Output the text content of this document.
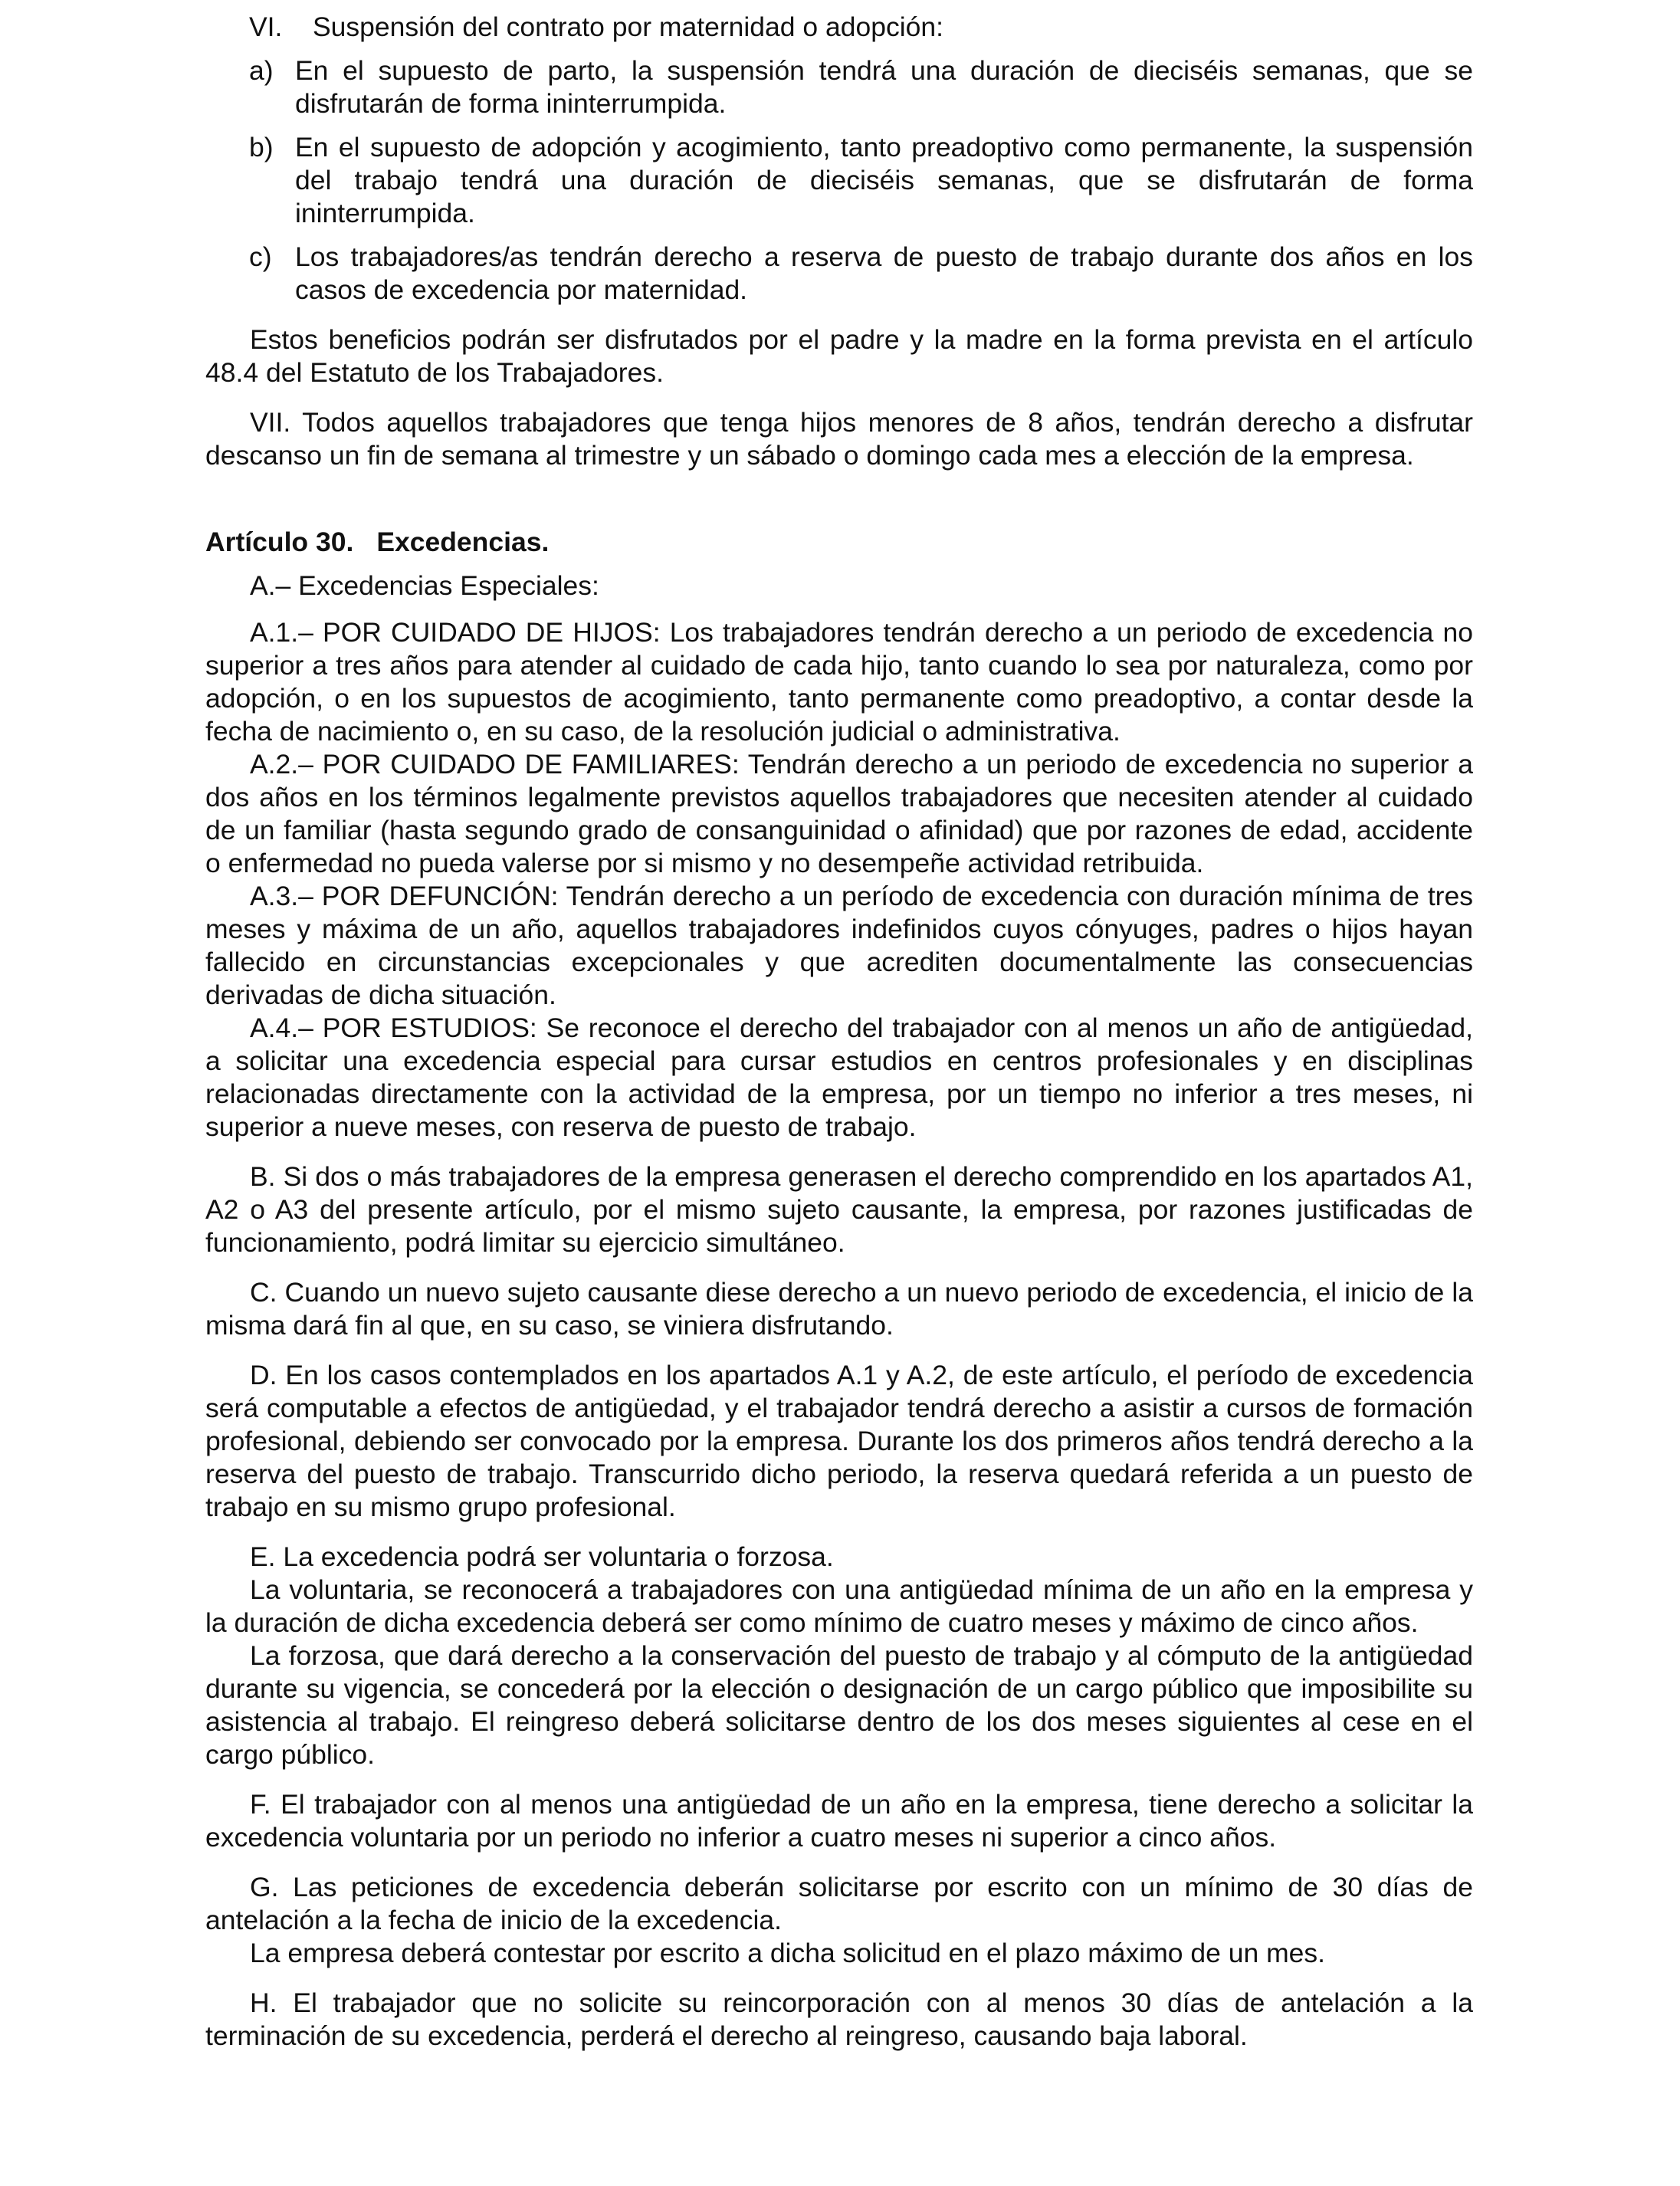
VI.	Suspensión del contrato por maternidad o adopción:
a) En el supuesto de parto, la suspensión tendrá una duración de dieciséis semanas, que se disfrutarán de forma ininterrumpida.
b) En el supuesto de adopción y acogimiento, tanto preadoptivo como permanente, la suspensión del trabajo tendrá una duración de dieciséis semanas, que se disfrutarán de forma ininterrumpida.
c) Los trabajadores/as tendrán derecho a reserva de puesto de trabajo durante dos años en los casos de excedencia por maternidad.

Estos beneficios podrán ser disfrutados por el padre y la madre en la forma prevista en el artículo 48.4 del Estatuto de los Trabajadores.

VII. Todos aquellos trabajadores que tenga hijos menores de 8 años, tendrán derecho a disfrutar descanso un fin de semana al trimestre y un sábado o domingo cada mes a elección de la empresa.

Artículo 30. Excedencias.

A.– Excedencias Especiales:

A.1.– POR CUIDADO DE HIJOS: Los trabajadores tendrán derecho a un periodo de excedencia no superior a tres años para atender al cuidado de cada hijo, tanto cuando lo sea por naturaleza, como por adopción, o en los supuestos de acogimiento, tanto permanente como preadoptivo, a contar desde la fecha de nacimiento o, en su caso, de la resolución judicial o administrativa.

A.2.– POR CUIDADO DE FAMILIARES: Tendrán derecho a un periodo de excedencia no superior a dos años en los términos legalmente previstos aquellos trabajadores que necesiten atender al cuidado de un familiar (hasta segundo grado de consanguinidad o afinidad) que por razones de edad, accidente o enfermedad no pueda valerse por si mismo y no desempeñe actividad retribuida.

A.3.– POR DEFUNCIÓN: Tendrán derecho a un período de excedencia con duración mínima de tres meses y máxima de un año, aquellos trabajadores indefinidos cuyos cónyuges, padres o hijos hayan fallecido en circunstancias excepcionales y que acrediten documentalmente las consecuencias derivadas de dicha situación.

A.4.– POR ESTUDIOS: Se reconoce el derecho del trabajador con al menos un año de antigüedad, a solicitar una excedencia especial para cursar estudios en centros profesionales y en disciplinas relacionadas directamente con la actividad de la empresa, por un tiempo no inferior a tres meses, ni superior a nueve meses, con reserva de puesto de trabajo.

B. Si dos o más trabajadores de la empresa generasen el derecho comprendido en los apartados A1, A2 o A3 del presente artículo, por el mismo sujeto causante, la empresa, por razones justificadas de funcionamiento, podrá limitar su ejercicio simultáneo.

C. Cuando un nuevo sujeto causante diese derecho a un nuevo periodo de excedencia, el inicio de la misma dará fin al que, en su caso, se viniera disfrutando.

D. En los casos contemplados en los apartados A.1 y A.2, de este artículo, el período de excedencia será computable a efectos de antigüedad, y el trabajador tendrá derecho a asistir a cursos de formación profesional, debiendo ser convocado por la empresa. Durante los dos primeros años tendrá derecho a la reserva del puesto de trabajo. Transcurrido dicho periodo, la reserva quedará referida a un puesto de trabajo en su mismo grupo profesional.

E. La excedencia podrá ser voluntaria o forzosa.

La voluntaria, se reconocerá a trabajadores con una antigüedad mínima de un año en la empresa y la duración de dicha excedencia deberá ser como mínimo de cuatro meses y máximo de cinco años.

La forzosa, que dará derecho a la conservación del puesto de trabajo y al cómputo de la antigüedad durante su vigencia, se concederá por la elección o designación de un cargo público que imposibilite su asistencia al trabajo. El reingreso deberá solicitarse dentro de los dos meses siguientes al cese en el cargo público.

F. El trabajador con al menos una antigüedad de un año en la empresa, tiene derecho a solicitar la excedencia voluntaria por un periodo no inferior a cuatro meses ni superior a cinco años.

G. Las peticiones de excedencia deberán solicitarse por escrito con un mínimo de 30 días de antelación a la fecha de inicio de la excedencia.

La empresa deberá contestar por escrito a dicha solicitud en el plazo máximo de un mes.

H. El trabajador que no solicite su reincorporación con al menos 30 días de antelación a la terminación de su excedencia, perderá el derecho al reingreso, causando baja laboral.
